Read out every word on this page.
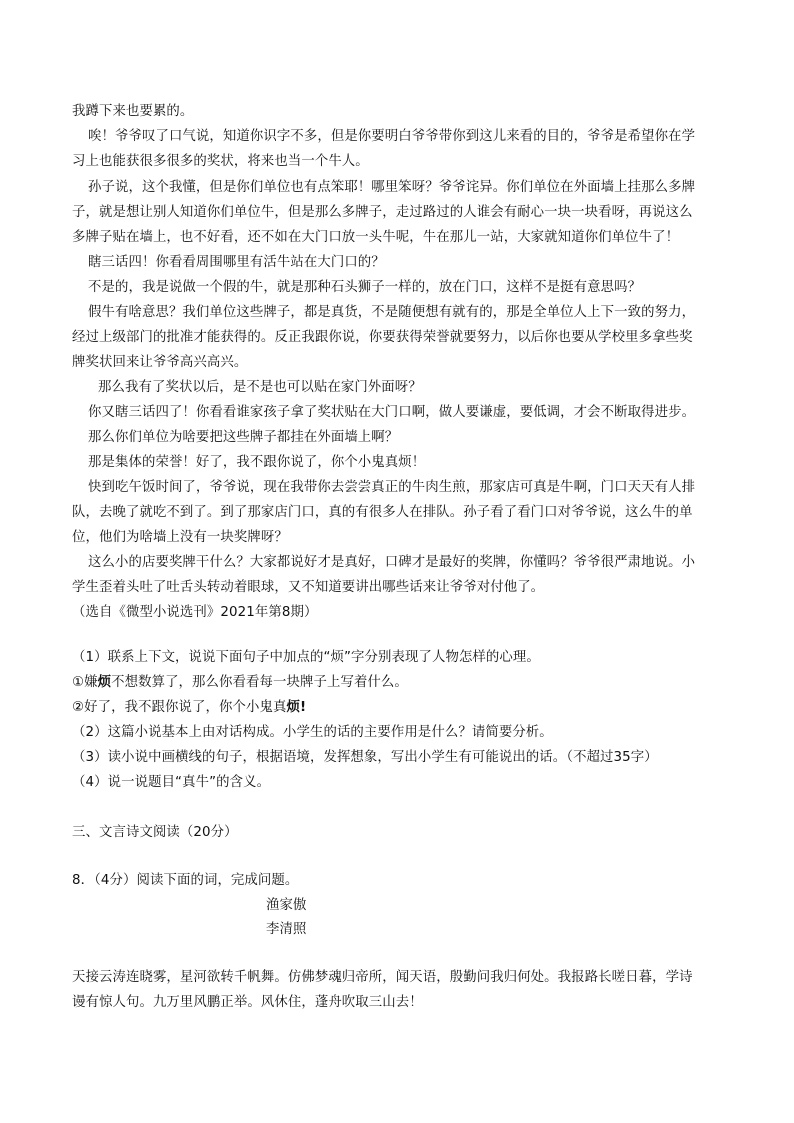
我蹲下来也要累的。
唉！爷爷叹了口气说，知道你识字不多，但是你要明白爷爷带你到这儿来看的目的，爷爷是希望你在学
习上也能获很多很多的奖状，将来也当一个牛人。
孙子说，这个我懂，但是你们单位也有点笨耶！哪里笨呀？爷爷诧异。你们单位在外面墙上挂那么多牌
子，就是想让别人知道你们单位牛，但是那么多牌子，走过路过的人谁会有耐心一块一块看呀，再说这么
多牌子贴在墙上，也不好看，还不如在大门口放一头牛呢，牛在那儿一站，大家就知道你们单位牛了！
瞎三话四！你看看周围哪里有活牛站在大门口的？
不是的，我是说做一个假的牛，就是那种石头狮子一样的，放在门口，这样不是挺有意思吗？
假牛有啥意思？我们单位这些牌子，都是真货，不是随便想有就有的，那是全单位人上下一致的努力，
经过上级部门的批准才能获得的。反正我跟你说，你要获得荣誉就要努力，以后你也要从学校里多拿些奖
牌奖状回来让爷爷高兴高兴。
那么我有了奖状以后，是不是也可以贴在家门外面呀？
你又瞎三话四了！你看看谁家孩子拿了奖状贴在大门口啊，做人要谦虚，要低调，才会不断取得进步。
那么你们单位为啥要把这些牌子都挂在外面墙上啊？
那是集体的荣誉！好了，我不跟你说了，你个小鬼真烦！
快到吃午饭时间了，爷爷说，现在我带你去尝尝真正的牛肉生煎，那家店可真是牛啊，门口天天有人排
队，去晚了就吃不到了。到了那家店门口，真的有很多人在排队。孙子看了看门口对爷爷说，这么牛的单
位，他们为啥墙上没有一块奖牌呀？
这么小的店要奖牌干什么？大家都说好才是真好，口碑才是最好的奖牌，你懂吗？爷爷很严肃地说。小
学生歪着头吐了吐舌头转动着眼球，又不知道要讲出哪些话来让爷爷对付他了。
（选自《微型小说选刊》2021年第8期）
（1）联系上下文，说说下面句子中加点的“烦”字分别表现了人物怎样的心理。
①嫌烦不想数算了，那么你看看每一块牌子上写着什么。
②好了，我不跟你说了，你个小鬼真烦!
（2）这篇小说基本上由对话构成。小学生的话的主要作用是什么？请简要分析。
（3）读小说中画横线的句子，根据语境，发挥想象，写出小学生有可能说出的话。（不超过35字）
（4）说一说题目“真牛”的含义。
三、文言诗文阅读（20分）
8．（4分）阅读下面的词，完成问题。
渔家傲
李清照
天接云涛连晓雾，星河欲转千帆舞。仿佛梦魂归帝所，闻天语，殷勤问我归何处。我报路长嗟日暮，学诗
谩有惊人句。九万里风鹏正举。风休住，蓬舟吹取三山去！
